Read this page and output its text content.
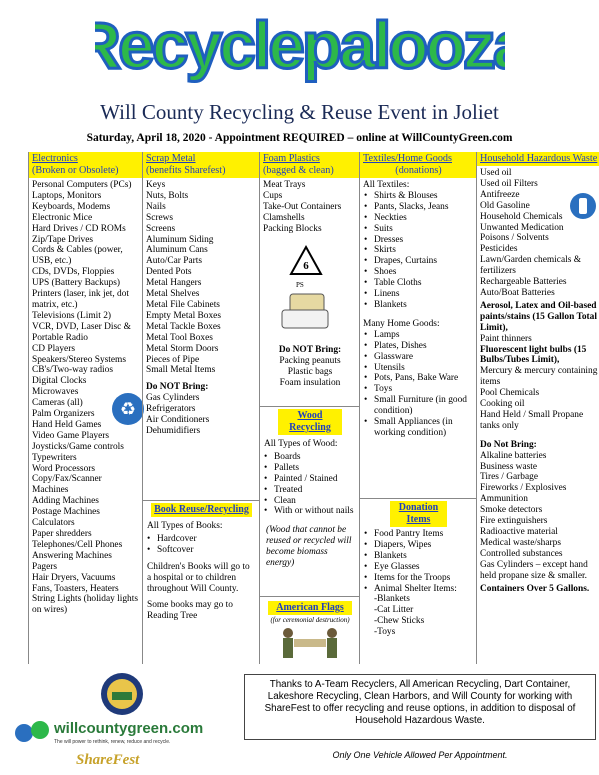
Recyclepalooza
Will County Recycling & Reuse Event in Joliet
Saturday, April 18, 2020 - Appointment REQUIRED – online at WillCountyGreen.com
Electronics
(Broken or Obsolete)
Personal Computers (PCs)
Laptops, Monitors
Keyboards, Modems
Electronic Mice
Hard Drives / CD ROMs
Zip/Tape Drives
Cords & Cables (power, USB, etc.)
CDs, DVDs, Floppies
UPS (Battery Backups)
Printers (laser, ink jet, dot matrix, etc.)
Televisions (Limit 2)
VCR, DVD, Laser Disc & Portable Radio
CD Players
Speakers/Stereo Systems
CB's/Two-way radios
Digital Clocks
Microwaves
Cameras (all)
Palm Organizers
Hand Held Games
Video Game Players
Joysticks/Game controls
Typewriters
Word Processors
Copy/Fax/Scanner Machines
Adding Machines
Postage Machines
Calculators
Paper shredders
Telephones/Cell Phones
Answering Machines
Pagers
Hair Dryers, Vacuums
Fans, Toasters, Heaters
String Lights (holiday lights on wires)
♻
Scrap Metal
(benefits Sharefest)
Keys
Nuts, Bolts
Nails
Screws
Screens
Aluminum Siding
Aluminum Cans
Auto/Car Parts
Dented Pots
Metal Hangers
Metal Shelves
Metal File Cabinets
Empty Metal Boxes
Metal Tackle Boxes
Metal Tool Boxes
Metal Storm Doors
Pieces of Pipe
Small Metal Items
Do NOT Bring:
Gas Cylinders
Refrigerators
Air Conditioners
Dehumidifiers
Book Reuse/Recycling
All Types of Books:
• Hardcover
• Softcover
Children's Books will go to a hospital or to children throughout Will County.
Some books may go to Reading Tree
Foam Plastics
(bagged & clean)
Meat Trays
Cups
Take-Out Containers
Clamshells
Packing Blocks
6
PS
Do NOT Bring:
Packing peanuts
Plastic bags
Foam insulation
Wood Recycling
All Types of Wood:
• Boards
• Pallets
• Painted / Stained
• Treated
• Clean
• With or without nails
(Wood that cannot be reused or recycled will become biomass energy)
American Flags
(for ceremonial destruction)
Textiles/Home Goods
(donations)
All Textiles:
• Shirts & Blouses
• Pants, Slacks, Jeans
• Neckties
• Suits
• Dresses
• Skirts
• Drapes, Curtains
• Shoes
• Table Cloths
• Linens
• Blankets
Many Home Goods:
• Lamps
• Plates, Dishes
• Glassware
• Utensils
• Pots, Pans, Bake Ware
• Toys
• Small Furniture (in good condition)
• Small Appliances (in working condition)
Donation Items
• Food Pantry Items
• Diapers, Wipes
• Blankets
• Eye Glasses
• Items for the Troops
• Animal Shelter Items:
-Blankets
-Cat Litter
-Chew Sticks
-Toys
Household Hazardous Waste
Used oil
Used oil Filters
Antifreeze
Old Gasoline
Household Chemicals
Unwanted Medication
Poisons / Solvents
Pesticides
Lawn/Garden chemicals & fertilizers
Rechargeable Batteries
Auto/Boat Batteries
Aerosol, Latex and Oil-based paints/stains (15 Gallon Total Limit),
Paint thinners
Fluorescent light bulbs (15 Bulbs/Tubes Limit),
Mercury & mercury containing items
Pool Chemicals
Cooking oil
Hand Held / Small Propane tanks only
Do Not Bring:
Alkaline batteries
Business waste
Tires / Garbage
Fireworks / Explosives
Ammunition
Smoke detectors
Fire extinguishers
Radioactive material
Medical waste/sharps
Controlled substances
Gas Cylinders – except hand held propane size & smaller.
Containers Over 5 Gallons.
willcountygreen.com
The will power to rethink, renew, reduce and recycle.
ShareFest
Thanks to A-Team Recyclers, All American Recycling, Dart Container, Lakeshore Recycling, Clean Harbors, and Will County for working with ShareFest to offer recycling and reuse options, in addition to disposal of Household Hazardous Waste.
Only One Vehicle Allowed Per Appointment.
